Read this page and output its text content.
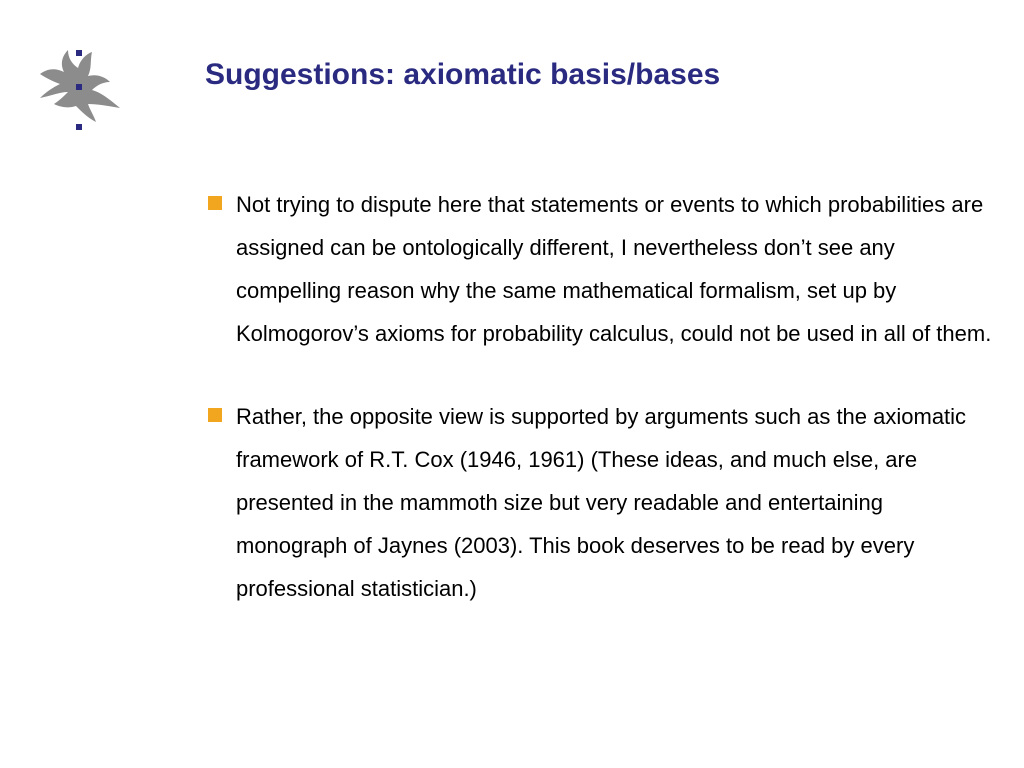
Suggestions: axiomatic basis/bases
Not trying to dispute here that statements or events to which probabilities are assigned can be ontologically different, I nevertheless don’t see any compelling reason why the same mathematical formalism, set up by Kolmogorov’s axioms for probability calculus, could not be used in all of them.
Rather, the opposite view is supported by arguments such as the axiomatic framework of R.T. Cox (1946, 1961) (These ideas, and much else, are presented in the mammoth size but very readable and entertaining monograph of Jaynes (2003). This book deserves to be read by every professional statistician.)
